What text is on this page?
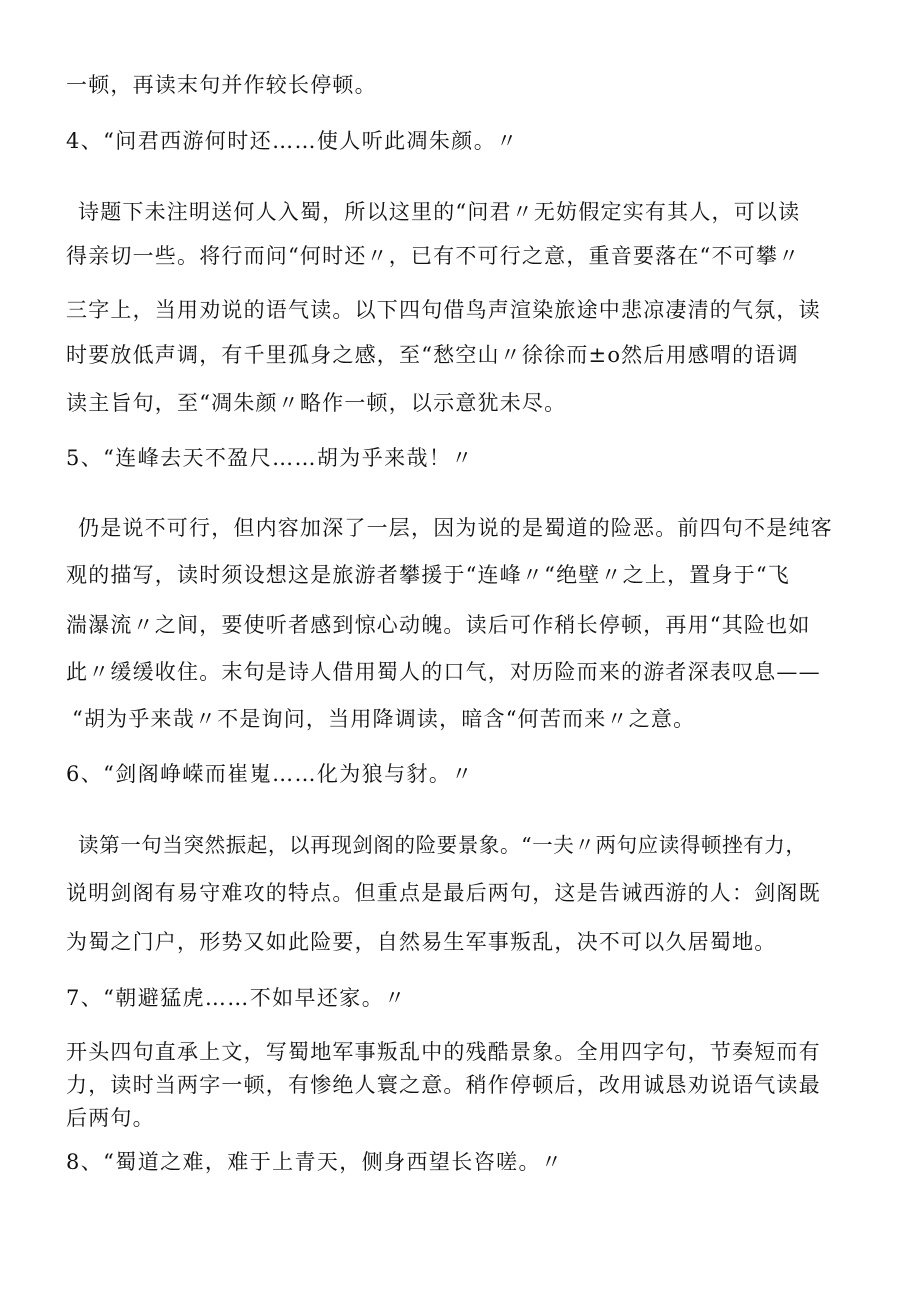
一顿，再读末句并作较长停顿。
4、“问君西游何时还……使人听此凋朱颜。〃
诗题下未注明送何人入蜀，所以这里的“问君〃无妨假定实有其人，可以读
得亲切一些。将行而问“何时还〃，已有不可行之意，重音要落在“不可攀〃
三字上，当用劝说的语气读。以下四句借鸟声渲染旅途中悲凉凄清的气氛，读
时要放低声调，有千里孤身之感，至“愁空山〃徐徐而±o然后用感喟的语调
读主旨句，至“凋朱颜〃略作一顿，以示意犹未尽。
5、“连峰去天不盈尺……胡为乎来哉！〃
仍是说不可行，但内容加深了一层，因为说的是蜀道的险恶。前四句不是纯客
观的描写，读时须设想这是旅游者攀援于“连峰〃“绝壁〃之上，置身于“飞
湍瀑流〃之间，要使听者感到惊心动魄。读后可作稍长停顿，再用“其险也如
此〃缓缓收住。末句是诗人借用蜀人的口气，对历险而来的游者深表叹息——
“胡为乎来哉〃不是询问，当用降调读，暗含“何苦而来〃之意。
6、“剑阁峥嵘而崔嵬……化为狼与豺。〃
读第一句当突然振起，以再现剑阁的险要景象。“一夫〃两句应读得顿挫有力，
说明剑阁有易守难攻的特点。但重点是最后两句，这是告诫西游的人：剑阁既
为蜀之门户，形势又如此险要，自然易生军事叛乱，决不可以久居蜀地。
7、“朝避猛虎……不如早还家。〃
开头四句直承上文，写蜀地军事叛乱中的残酷景象。全用四字句，节奏短而有
力，读时当两字一顿，有惨绝人寰之意。稍作停顿后，改用诚恳劝说语气读最
后两句。
8、“蜀道之难，难于上青天，侧身西望长咨嗟。〃
